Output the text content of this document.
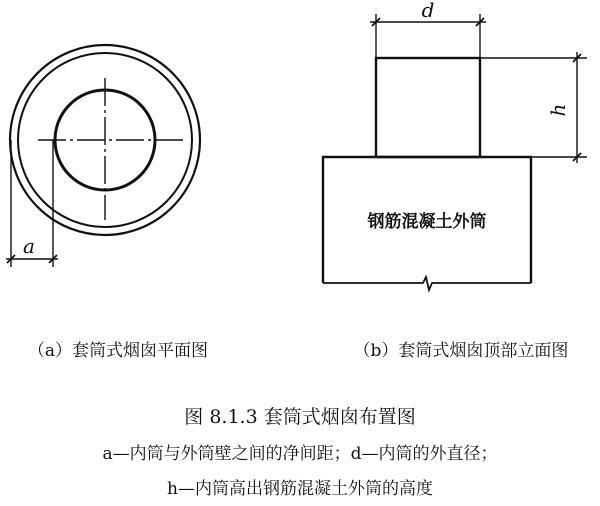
a
d
h
钢筋混凝土外筒
（a）套筒式烟囱平面图	（b）套筒式烟囱顶部立面图
图 8.1.3 套筒式烟囱布置图
a—内筒与外筒壁之间的净间距；d—内筒的外直径；
h—内筒高出钢筋混凝土外筒的高度
